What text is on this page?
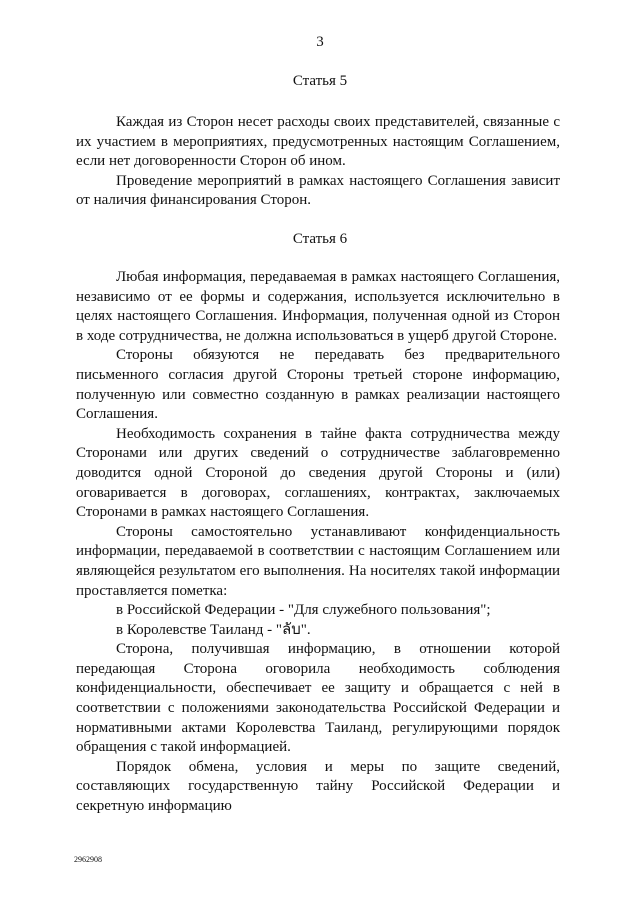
3
Статья 5

Каждая из Сторон несет расходы своих представителей, связанные с их участием в мероприятиях, предусмотренных настоящим Соглашением, если нет договоренности Сторон об ином.

Проведение мероприятий в рамках настоящего Соглашения зависит от наличия финансирования Сторон.

Статья 6

Любая информация, передаваемая в рамках настоящего Соглашения, независимо от ее формы и содержания, используется исключительно в целях настоящего Соглашения. Информация, полученная одной из Сторон в ходе сотрудничества, не должна использоваться в ущерб другой Стороне.

Стороны обязуются не передавать без предварительного письменного согласия другой Стороны третьей стороне информацию, полученную или совместно созданную в рамках реализации настоящего Соглашения.

Необходимость сохранения в тайне факта сотрудничества между Сторонами или других сведений о сотрудничестве заблаговременно доводится одной Стороной до сведения другой Стороны и (или) оговаривается в договорах, соглашениях, контрактах, заключаемых Сторонами в рамках настоящего Соглашения.

Стороны самостоятельно устанавливают конфиденциальность информации, передаваемой в соответствии с настоящим Соглашением или являющейся результатом его выполнения. На носителях такой информации проставляется пометка:

в Российской Федерации - "Для служебного пользования";

в Королевстве Таиланд - "ลับ".

Сторона, получившая информацию, в отношении которой передающая Сторона оговорила необходимость соблюдения конфиденциальности, обеспечивает ее защиту и обращается с ней в соответствии с положениями законодательства Российской Федерации и нормативными актами Королевства Таиланд, регулирующими порядок обращения с такой информацией.

Порядок обмена, условия и меры по защите сведений, составляющих государственную тайну Российской Федерации и секретную информацию

2962908
